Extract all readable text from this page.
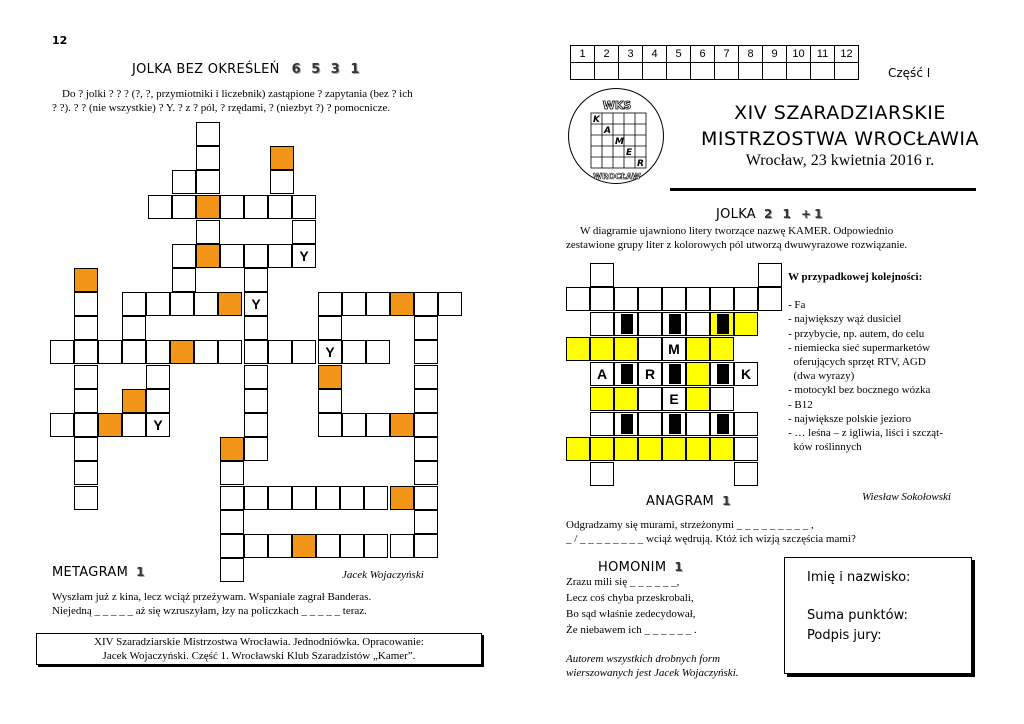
12
JOLKA BEZ OKREŚLEŃ 6 5 3 1
Do ? jolki ? ? ? (?, ?, przymiotniki i liczebnik) zastąpione ? zapytania (bez ? ich
? ?). ? ? (nie wszystkie) ? Y. ? z ? pól, ? rzędami, ? (niezbyt ?) ? pomocnicze.
Y
Y
Y
Y
METAGRAM 1	Jacek Wojaczyński
Wyszłam już z kina, lecz wciąż przeżywam. Wspaniale zagrał Banderas.
Niejedną _ _ _ _ _ aż się wzruszyłam, łzy na policzkach _ _ _ _ _ teraz.
XIV Szaradziarskie Mistrzostwa Wrocławia. Jednodniówka. Opracowanie:
Jacek Wojaczyński. Część 1. Wrocławski Klub Szaradzistów „Kamer”.
1	2	3	4	5	6	7	8	9	10	11	12

Część I
WKS
K
A
M
E
R
WROCŁAW
XIV SZARADZIARSKIE
MISTRZOSTWA WROCŁAWIA
Wrocław, 23 kwietnia 2016 r.
JOLKA 2 1 +1
W diagramie ujawniono litery tworzące nazwę KAMER. Odpowiednio
zestawione grupy liter z kolorowych pól utworzą dwuwyrazowe rozwiązanie.
M
A	R	K
E
W przypadkowej kolejności:
- Fa
- największy wąż dusiciel
- przybycie, np. autem, do celu
- niemiecka sieć supermarketów
oferujących sprzęt RTV, AGD
(dwa wyrazy)
- motocykl bez bocznego wózka
- B12
- największe polskie jezioro
- … leśna – z igliwia, liści i szcząt-
ków roślinnych
Wiesław Sokołowski
ANAGRAM 1
Odgradzamy się murami, strzeżonymi _ _ _ _ _ _ _ _ _ ,
_ / _ _ _ _ _ _ _ _ wciąż wędrują. Któż ich wizją szczęścia mami?
HOMONIM 1
Zrazu mili się _ _ _ _ _ _,
Lecz coś chyba przeskrobali,
Bo sąd właśnie zedecydował,
Że niebawem ich _ _ _ _ _ _ .
Autorem wszystkich drobnych form
wierszowanych jest Jacek Wojaczyński.
Imię i nazwisko:
Suma punktów:
Podpis jury:
